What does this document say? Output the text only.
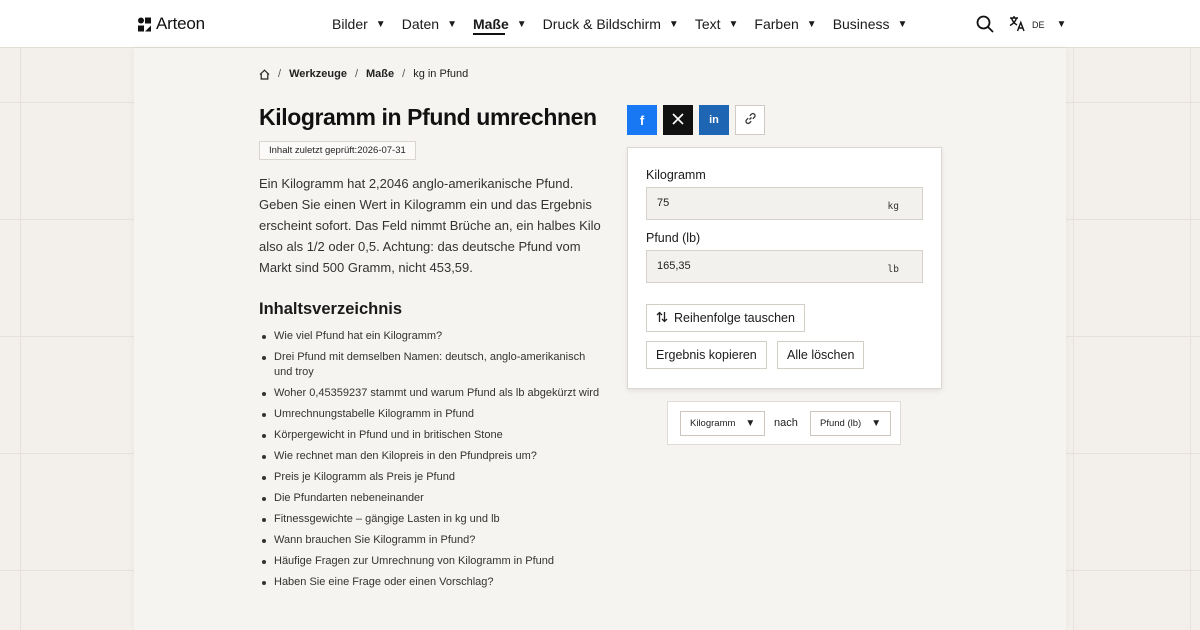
Arteon	Bilder ▼ Daten ▼ Maße ▼ Druck & Bildschirm ▼ Text ▼ Farben ▼ Business ▼	DE ▼
/ Werkzeuge / Maße / kg in Pfund
Kilogramm in Pfund umrechnen
Inhalt zuletzt geprüft:2026-07-31

Ein Kilogramm hat 2,2046 anglo-amerikanische Pfund. Geben Sie einen Wert in Kilogramm ein und das Ergebnis erscheint sofort. Das Feld nimmt Brüche an, ein halbes Kilo also als 1/2 oder 0,5. Achtung: das deutsche Pfund vom Markt sind 500 Gramm, nicht 453,59.

Inhaltsverzeichnis
Wie viel Pfund hat ein Kilogramm?
Drei Pfund mit demselben Namen: deutsch, anglo-amerikanisch und troy
Woher 0,45359237 stammt und warum Pfund als lb abgekürzt wird
Umrechnungstabelle Kilogramm in Pfund
Körpergewicht in Pfund und in britischen Stone
Wie rechnet man den Kilopreis in den Pfundpreis um?
Preis je Kilogramm als Preis je Pfund
Die Pfundarten nebeneinander
Fitnessgewichte – gängige Lasten in kg und lb
Wann brauchen Sie Kilogramm in Pfund?
Häufige Fragen zur Umrechnung von Kilogramm in Pfund
Haben Sie eine Frage oder einen Vorschlag?
f	in
Kilogramm
75
kg
Pfund (lb)
165,35
lb
Reihenfolge tauschen
Ergebnis kopieren Alle löschen
Kilogramm ▼ nach Pfund (lb) ▼
